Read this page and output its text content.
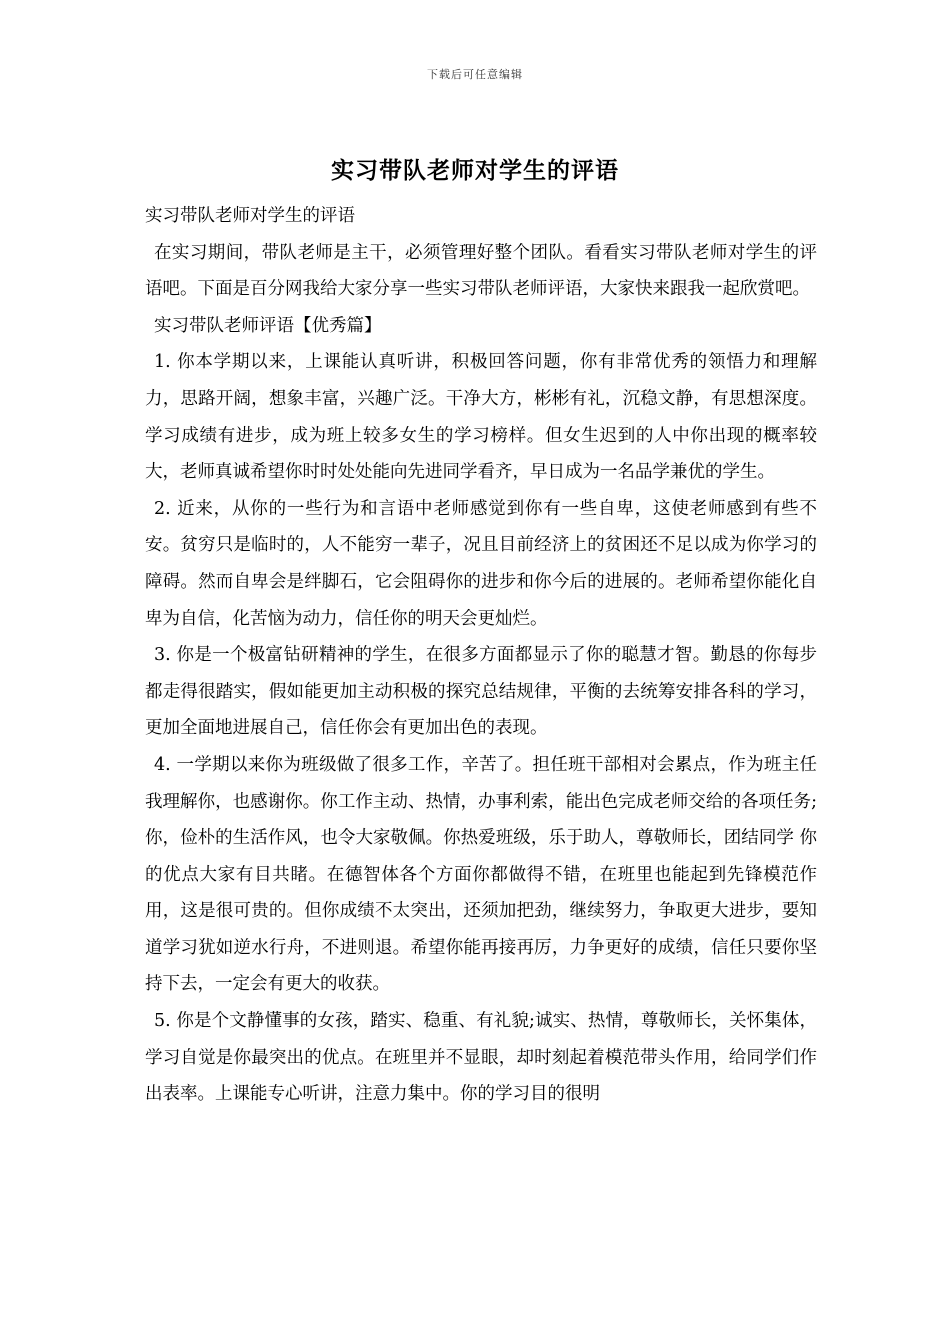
下载后可任意编辑
实习带队老师对学生的评语

实习带队老师对学生的评语

在实习期间，带队老师是主干，必须管理好整个团队。看看实习带队老师对学生的评语吧。下面是百分网我给大家分享一些实习带队老师评语，大家快来跟我一起欣赏吧。

实习带队老师评语【优秀篇】

1. 你本学期以来，上课能认真听讲，积极回答问题，你有非常优秀的领悟力和理解力，思路开阔，想象丰富，兴趣广泛。干净大方，彬彬有礼，沉稳文静，有思想深度。学习成绩有进步，成为班上较多女生的学习榜样。但女生迟到的人中你出现的概率较大，老师真诚希望你时时处处能向先进同学看齐，早日成为一名品学兼优的学生。

2. 近来，从你的一些行为和言语中老师感觉到你有一些自卑，这使老师感到有些不安。贫穷只是临时的，人不能穷一辈子，况且目前经济上的贫困还不足以成为你学习的障碍。然而自卑会是绊脚石，它会阻碍你的进步和你今后的进展的。老师希望你能化自卑为自信，化苦恼为动力，信任你的明天会更灿烂。

3. 你是一个极富钻研精神的学生，在很多方面都显示了你的聪慧才智。勤恳的你每步都走得很踏实，假如能更加主动积极的探究总结规律，平衡的去统筹安排各科的学习，更加全面地进展自己，信任你会有更加出色的表现。

4. 一学期以来你为班级做了很多工作，辛苦了。担任班干部相对会累点，作为班主任我理解你，也感谢你。你工作主动、热情，办事利索，能出色完成老师交给的各项任务;你，俭朴的生活作风，也令大家敬佩。你热爱班级，乐于助人，尊敬师长，团结同学 你的优点大家有目共睹。在德智体各个方面你都做得不错，在班里也能起到先锋模范作用，这是很可贵的。但你成绩不太突出，还须加把劲，继续努力，争取更大进步，要知道学习犹如逆水行舟，不进则退。希望你能再接再厉，力争更好的成绩，信任只要你坚持下去，一定会有更大的收获。

5. 你是个文静懂事的女孩，踏实、稳重、有礼貌;诚实、热情，尊敬师长，关怀集体，学习自觉是你最突出的优点。在班里并不显眼，却时刻起着模范带头作用，给同学们作出表率。上课能专心听讲，注意力集中。你的学习目的很明
